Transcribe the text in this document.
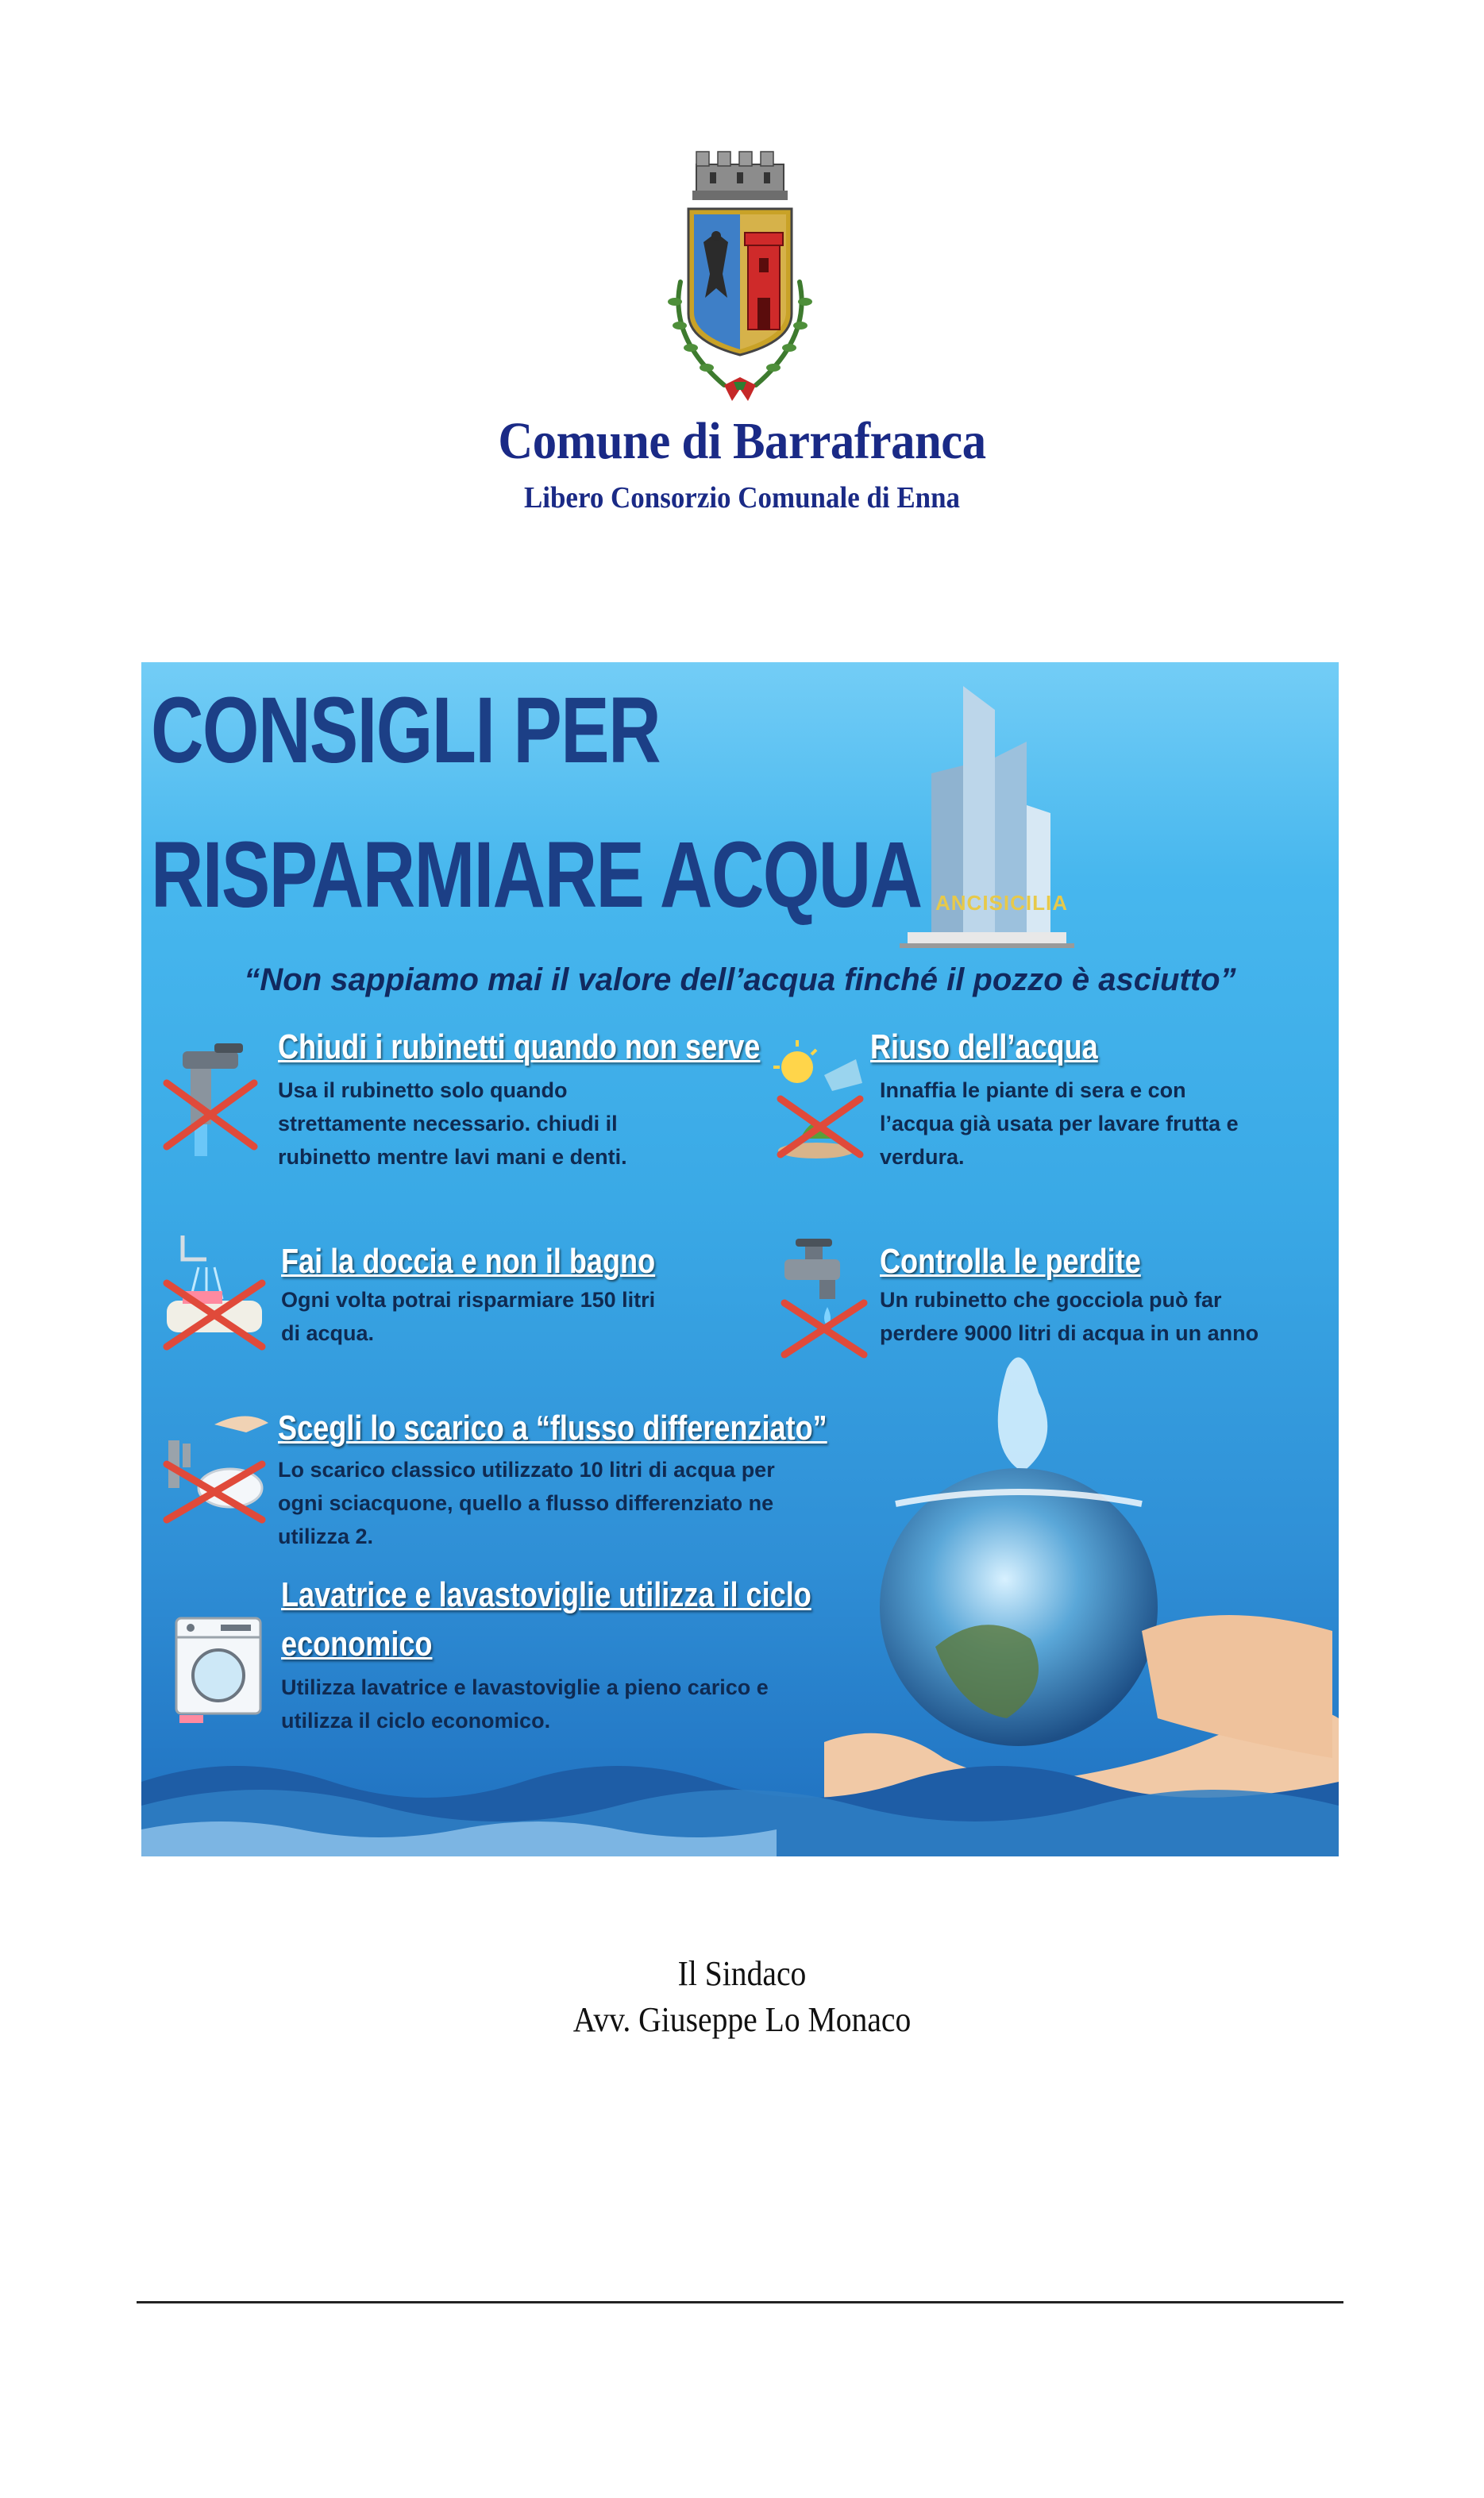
Comune di Barrafranca
Libero Consorzio Comunale di Enna
CONSIGLI PER
RISPARMIARE ACQUA ANCISICILIA
“Non sappiamo mai il valore dell’acqua finché il pozzo è asciutto”
Chiudi i rubinetti quando non serve
Usa il rubinetto solo quando
strettamente necessario. chiudi il
rubinetto mentre lavi mani e denti.
Riuso dell’acqua
Innaffia le piante di sera e con
l’acqua già usata per lavare frutta e
verdura.
Fai la doccia e non il bagno
Ogni volta potrai risparmiare 150 litri
di acqua.
Controlla le perdite
Un rubinetto che gocciola può far
perdere 9000 litri di acqua in un anno
Scegli lo scarico a “flusso differenziato”
Lo scarico classico utilizzato 10 litri di acqua per
ogni sciacquone, quello a flusso differenziato ne
utilizza 2.
Lavatrice e lavastoviglie utilizza il ciclo
economico
Utilizza lavatrice e lavastoviglie a pieno carico e
utilizza il ciclo economico.
Il Sindaco
Avv. Giuseppe Lo Monaco
